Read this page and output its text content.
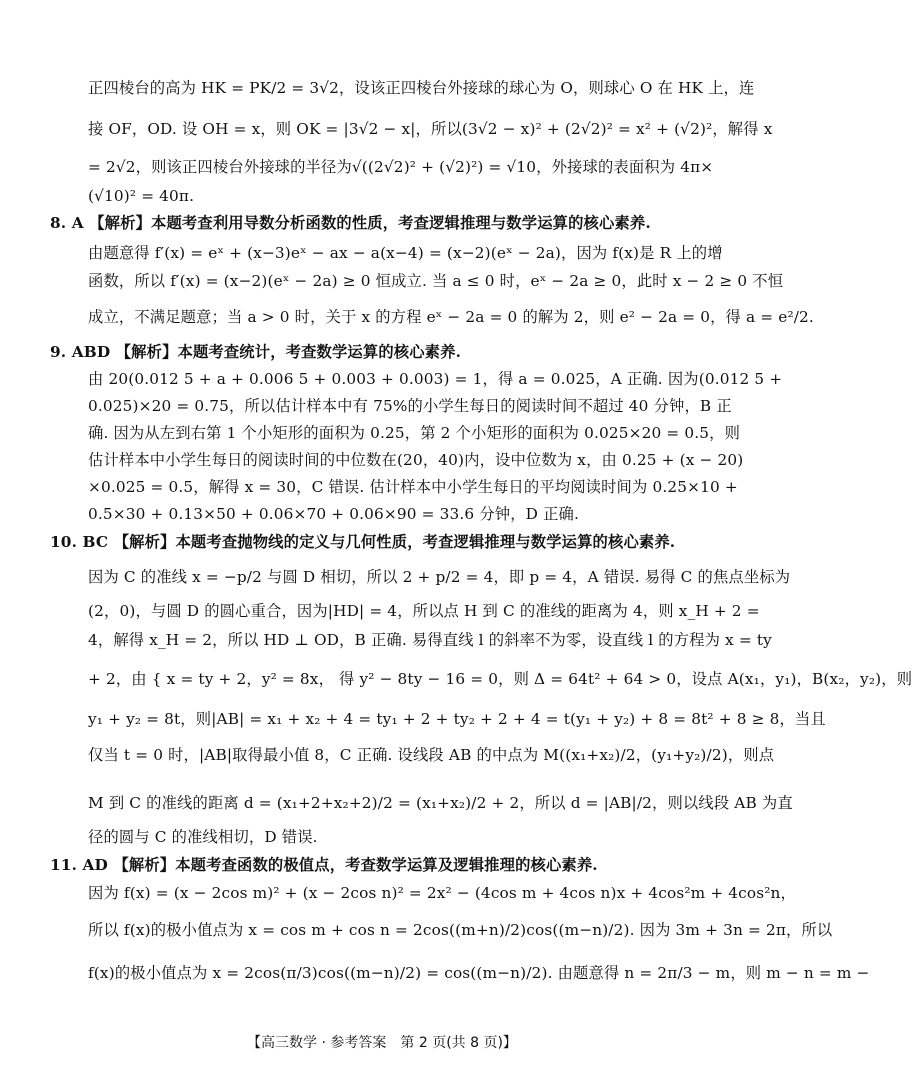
正四棱台的高为 HK = PK/2 = 3√2，设该正四棱台外接球的球心为 O，则球心 O 在 HK 上，连
接 OF，OD. 设 OH = x，则 OK = |3√2 − x|，所以(3√2 − x)² + (2√2)² = x² + (√2)²，解得 x
= 2√2，则该正四棱台外接球的半径为√((2√2)² + (√2)²) = √10，外接球的表面积为 4π×
(√10)² = 40π.
8. A 【解析】本题考查利用导数分析函数的性质，考查逻辑推理与数学运算的核心素养.
由题意得 f′(x) = eˣ + (x−3)eˣ − ax − a(x−4) = (x−2)(eˣ − 2a)，因为 f(x)是 R 上的增
函数，所以 f′(x) = (x−2)(eˣ − 2a) ≥ 0 恒成立. 当 a ≤ 0 时，eˣ − 2a ≥ 0，此时 x − 2 ≥ 0 不恒
成立，不满足题意；当 a > 0 时，关于 x 的方程 eˣ − 2a = 0 的解为 2，则 e² − 2a = 0，得 a = e²/2.
9. ABD 【解析】本题考查统计，考查数学运算的核心素养.
由 20(0.012 5 + a + 0.006 5 + 0.003 + 0.003) = 1，得 a = 0.025，A 正确. 因为(0.012 5 +
0.025)×20 = 0.75，所以估计样本中有 75%的小学生每日的阅读时间不超过 40 分钟，B 正
确. 因为从左到右第 1 个小矩形的面积为 0.25，第 2 个小矩形的面积为 0.025×20 = 0.5，则
估计样本中小学生每日的阅读时间的中位数在(20，40)内，设中位数为 x，由 0.25 + (x − 20)
×0.025 = 0.5，解得 x = 30，C 错误. 估计样本中小学生每日的平均阅读时间为 0.25×10 +
0.5×30 + 0.13×50 + 0.06×70 + 0.06×90 = 33.6 分钟，D 正确.
10. BC 【解析】本题考查抛物线的定义与几何性质，考查逻辑推理与数学运算的核心素养.
因为 C 的准线 x = −p/2 与圆 D 相切，所以 2 + p/2 = 4，即 p = 4，A 错误. 易得 C 的焦点坐标为
(2，0)，与圆 D 的圆心重合，因为|HD| = 4，所以点 H 到 C 的准线的距离为 4，则 x_H + 2 =
4，解得 x_H = 2，所以 HD ⊥ OD，B 正确. 易得直线 l 的斜率不为零，设直线 l 的方程为 x = ty
+ 2，由 { x = ty + 2，y² = 8x， 得 y² − 8ty − 16 = 0，则 Δ = 64t² + 64 > 0，设点 A(x₁，y₁)，B(x₂，y₂)，则
y₁ + y₂ = 8t，则|AB| = x₁ + x₂ + 4 = ty₁ + 2 + ty₂ + 2 + 4 = t(y₁ + y₂) + 8 = 8t² + 8 ≥ 8，当且
仅当 t = 0 时，|AB|取得最小值 8，C 正确. 设线段 AB 的中点为 M((x₁+x₂)/2，(y₁+y₂)/2)，则点
M 到 C 的准线的距离 d = (x₁+2+x₂+2)/2 = (x₁+x₂)/2 + 2，所以 d = |AB|/2，则以线段 AB 为直
径的圆与 C 的准线相切，D 错误.
11. AD 【解析】本题考查函数的极值点，考查数学运算及逻辑推理的核心素养.
因为 f(x) = (x − 2cos m)² + (x − 2cos n)² = 2x² − (4cos m + 4cos n)x + 4cos²m + 4cos²n，
所以 f(x)的极小值点为 x = cos m + cos n = 2cos((m+n)/2)cos((m−n)/2). 因为 3m + 3n = 2π，所以
f(x)的极小值点为 x = 2cos(π/3)cos((m−n)/2) = cos((m−n)/2). 由题意得 n = 2π/3 − m，则 m − n = m −
【高三数学 · 参考答案　第 2 页(共 8 页)】
